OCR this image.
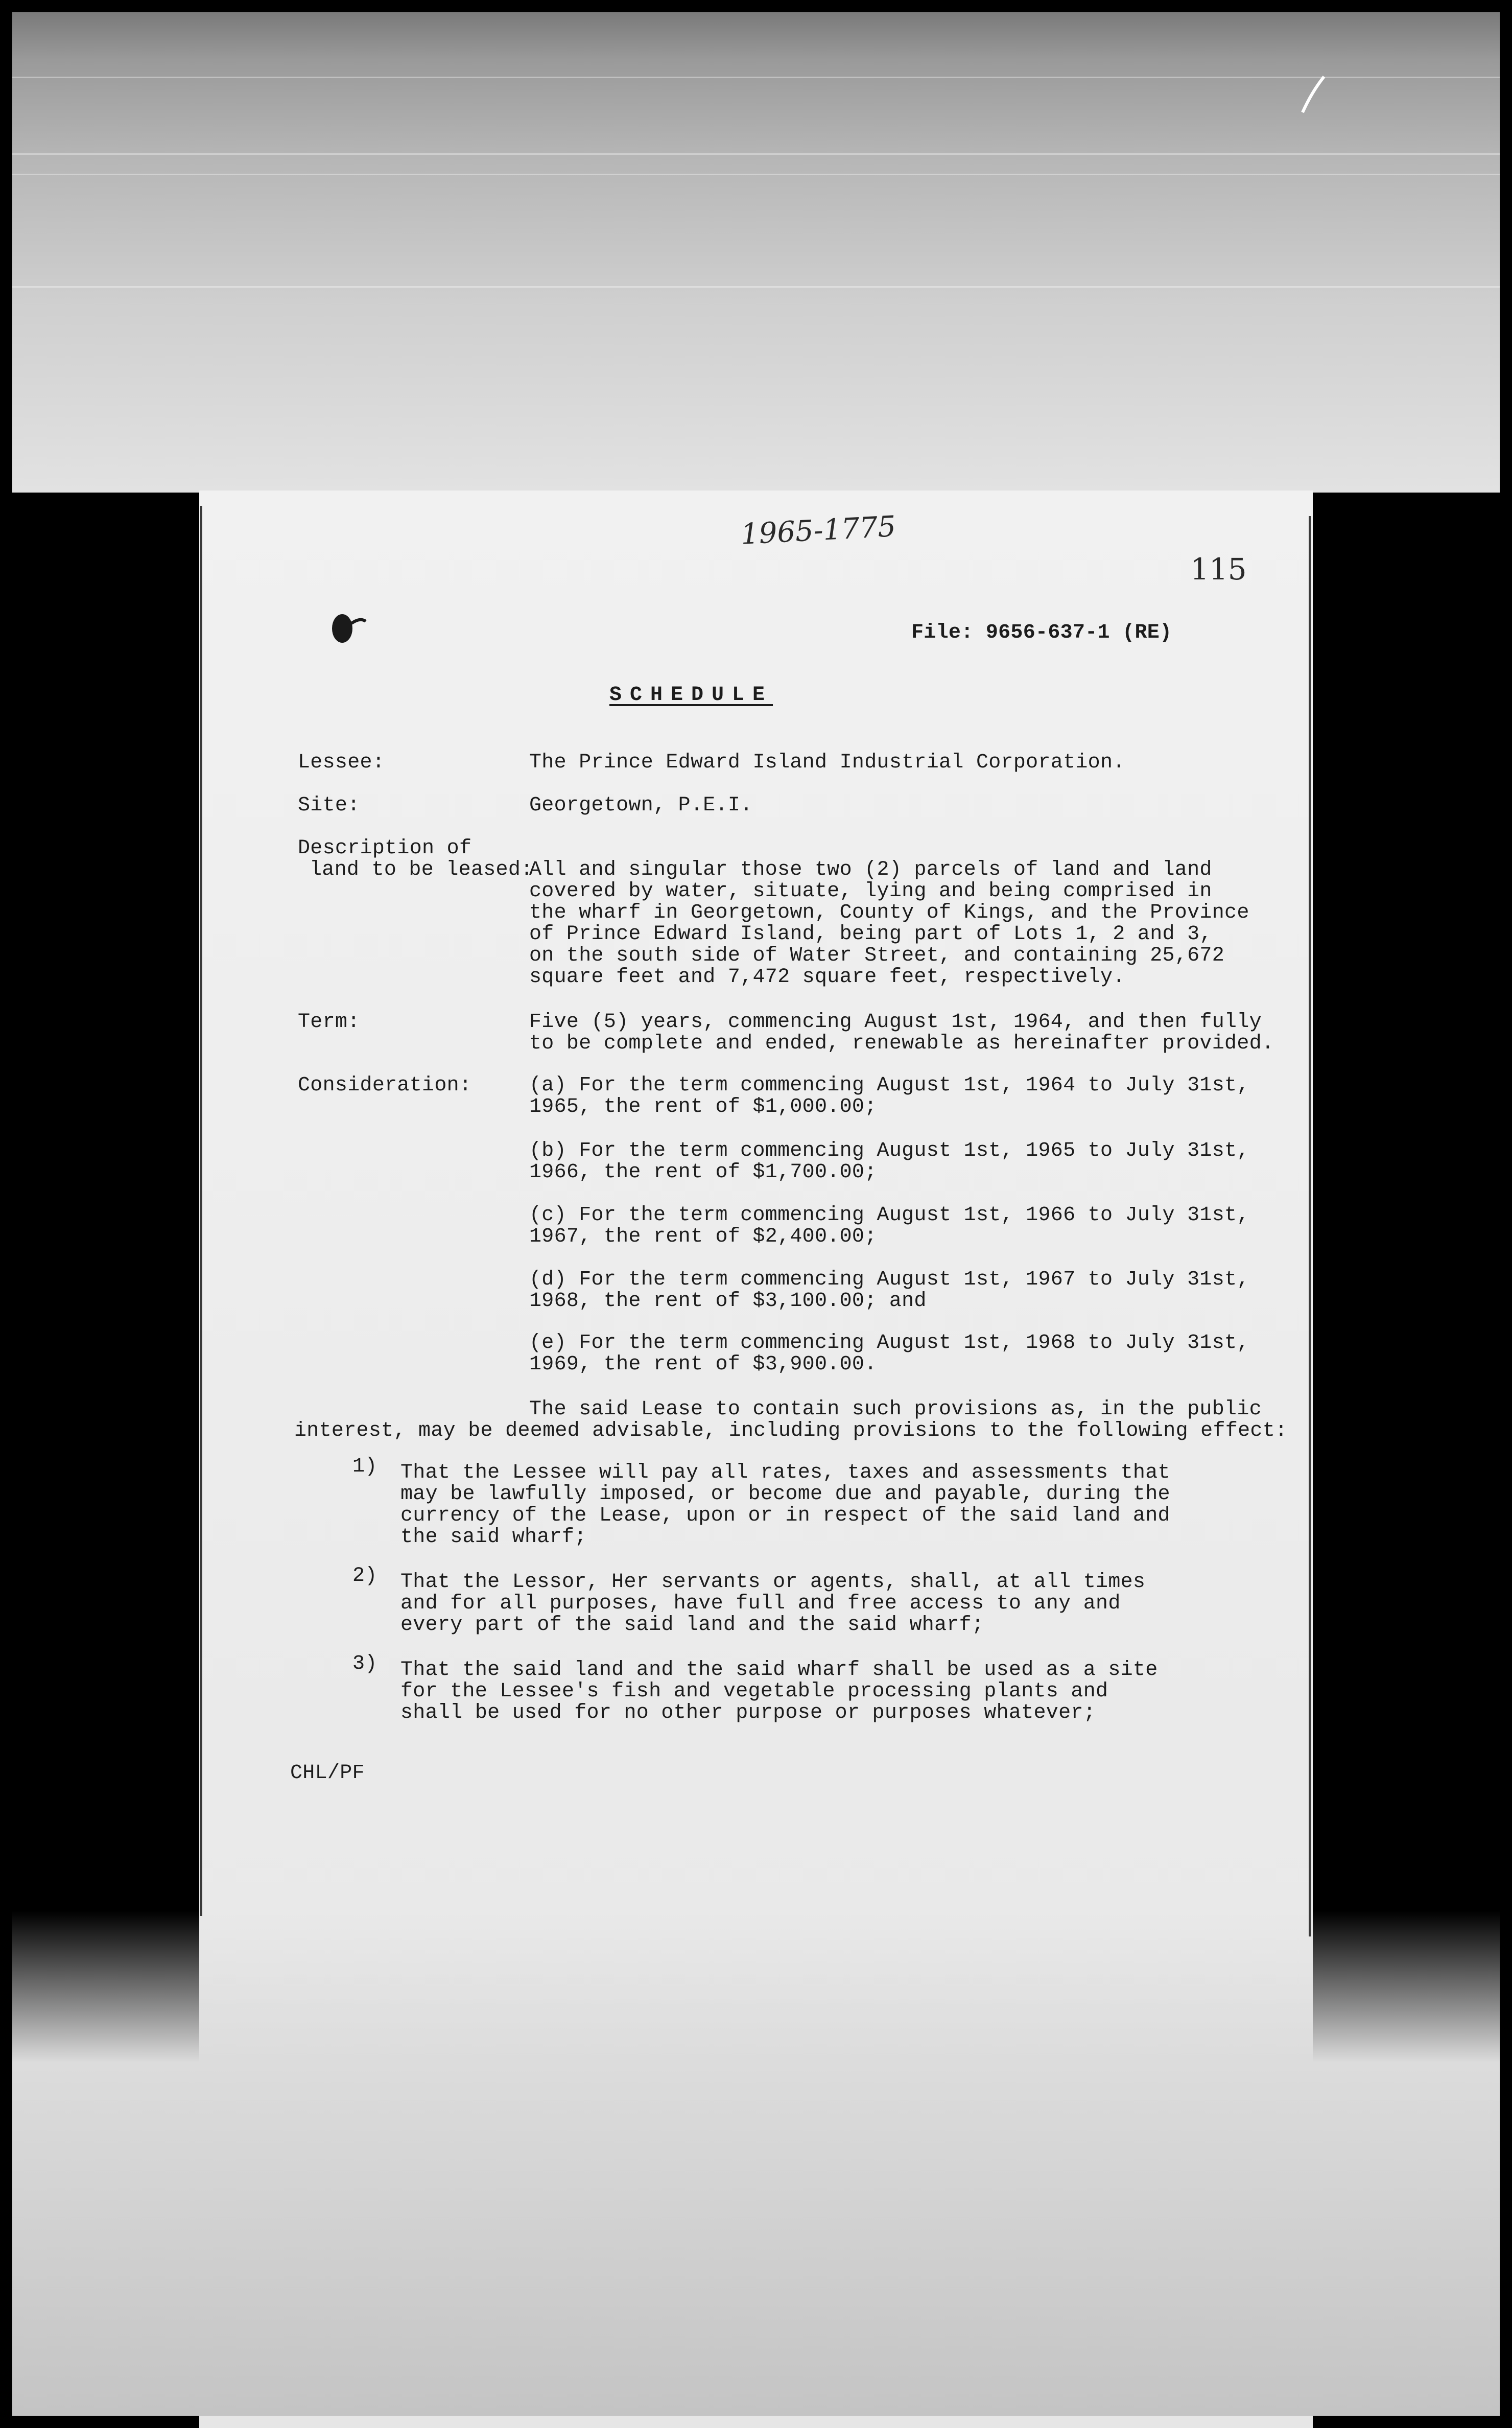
1965-1775
115
File: 9656-637-1 (RE)
SCHEDULE
Lessee:	The Prince Edward Island Industrial Corporation.
Site:	Georgetown, P.E.I.
Description of
land to be leased:
All and singular those two (2) parcels of land and land
covered by water, situate, lying and being comprised in
the wharf in Georgetown, County of Kings, and the Province
of Prince Edward Island, being part of Lots 1, 2 and 3,
on the south side of Water Street, and containing 25,672
square feet and 7,472 square feet, respectively.
Term:	Five (5) years, commencing August 1st, 1964, and then fully
to be complete and ended, renewable as hereinafter provided.
Consideration:	(a) For the term commencing August 1st, 1964 to July 31st,
1965, the rent of $1,000.00;
(b) For the term commencing August 1st, 1965 to July 31st,
1966, the rent of $1,700.00;
(c) For the term commencing August 1st, 1966 to July 31st,
1967, the rent of $2,400.00;
(d) For the term commencing August 1st, 1967 to July 31st,
1968, the rent of $3,100.00; and
(e) For the term commencing August 1st, 1968 to July 31st,
1969, the rent of $3,900.00.
The said Lease to contain such provisions as, in the public
interest, may be deemed advisable, including provisions to the following effect:
1) That the Lessee will pay all rates, taxes and assessments that
may be lawfully imposed, or become due and payable, during the
currency of the Lease, upon or in respect of the said land and
the said wharf;
2) That the Lessor, Her servants or agents, shall, at all times
and for all purposes, have full and free access to any and
every part of the said land and the said wharf;
3) That the said land and the said wharf shall be used as a site
for the Lessee's fish and vegetable processing plants and
shall be used for no other purpose or purposes whatever;
CHL/PF
